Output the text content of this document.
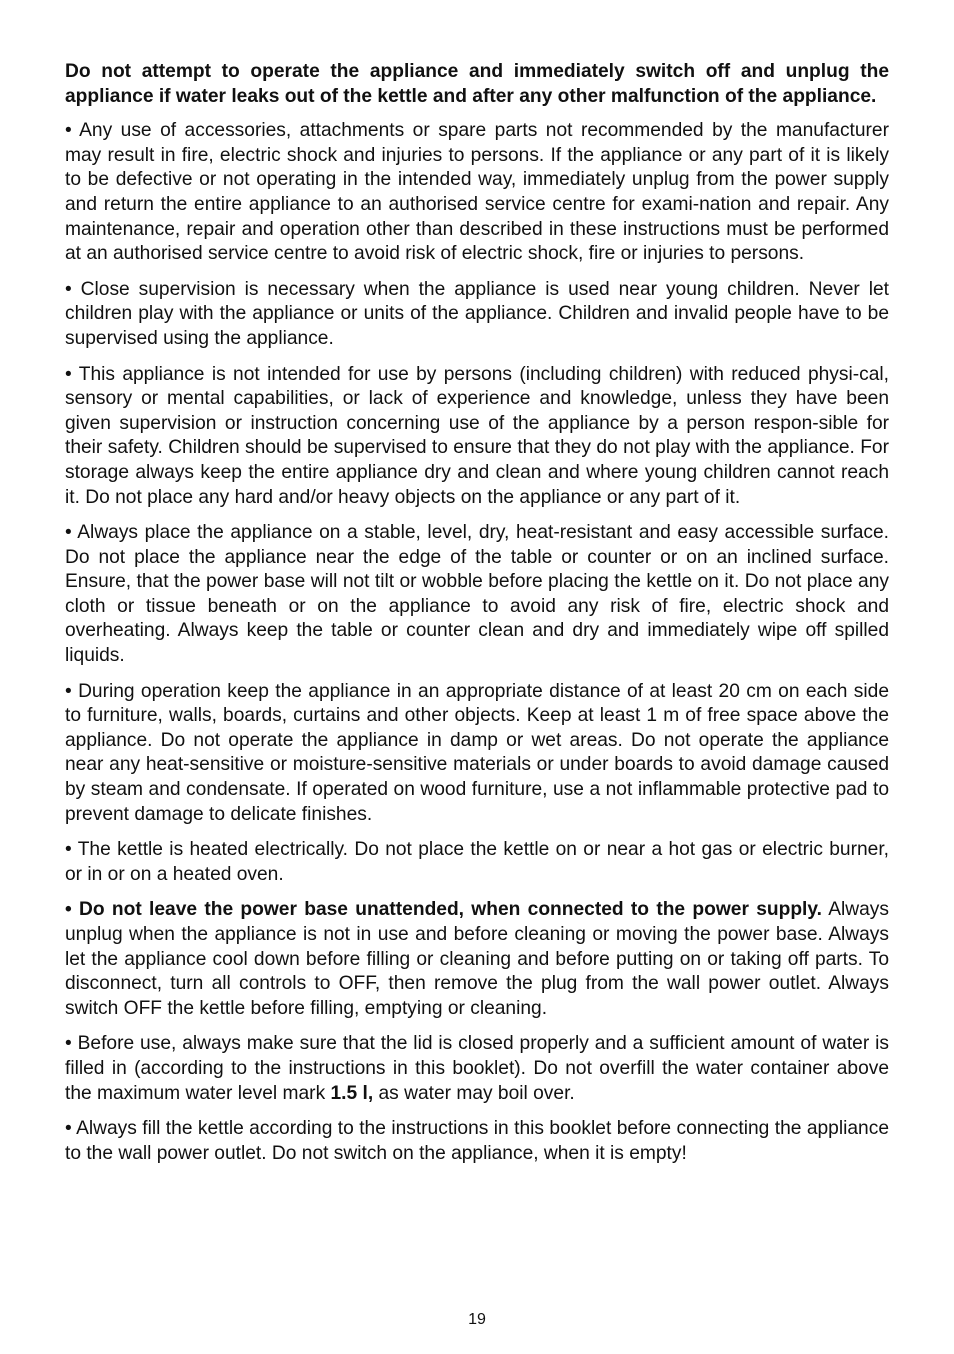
Do not attempt to operate the appliance and immediately switch off and unplug the appliance if water leaks out of the kettle and after any other malfunction of the appliance.

• Any use of accessories, attachments or spare parts not recommended by the manufacturer may result in fire, electric shock and injuries to persons. If the appliance or any part of it is likely to be defective or not operating in the intended way, immediately unplug from the power supply and return the entire appliance to an authorised service centre for exami-nation and repair. Any maintenance, repair and operation other than described in these instructions must be performed at an authorised service centre to avoid risk of electric shock, fire or injuries to persons.

• Close supervision is necessary when the appliance is used near young children. Never let children play with the appliance or units of the appliance. Children and invalid people have to be supervised using the appliance.

• This appliance is not intended for use by persons (including children) with reduced physi-cal, sensory or mental capabilities, or lack of experience and knowledge, unless they have been given supervision or instruction concerning use of the appliance by a person respon-sible for their safety. Children should be supervised to ensure that they do not play with the appliance. For storage always keep the entire appliance dry and clean and where young children cannot reach it. Do not place any hard and/or heavy objects on the appliance or any part of it.

• Always place the appliance on a stable, level, dry, heat-resistant and easy accessible surface. Do not place the appliance near the edge of the table or counter or on an inclined surface. Ensure, that the power base will not tilt or wobble before placing the kettle on it. Do not place any cloth or tissue beneath or on the appliance to avoid any risk of fire, electric shock and overheating. Always keep the table or counter clean and dry and immediately wipe off spilled liquids.

• During operation keep the appliance in an appropriate distance of at least 20 cm on each side to furniture, walls, boards, curtains and other objects. Keep at least 1 m of free space above the appliance. Do not operate the appliance in damp or wet areas. Do not operate the appliance near any heat-sensitive or moisture-sensitive materials or under boards to avoid damage caused by steam and condensate. If operated on wood furniture, use a not inflammable protective pad to prevent damage to delicate finishes.

• The kettle is heated electrically. Do not place the kettle on or near a hot gas or electric burner, or in or on a heated oven.

• Do not leave the power base unattended, when connected to the power supply. Always unplug when the appliance is not in use and before cleaning or moving the power base. Always let the appliance cool down before filling or cleaning and before putting on or taking off parts. To disconnect, turn all controls to OFF, then remove the plug from the wall power outlet. Always switch OFF the kettle before filling, emptying or cleaning.

• Before use, always make sure that the lid is closed properly and a sufficient amount of water is filled in (according to the instructions in this booklet). Do not overfill the water container above the maximum water level mark 1.5 l, as water may boil over.

• Always fill the kettle according to the instructions in this booklet before connecting the appliance to the wall power outlet. Do not switch on the appliance, when it is empty!

19
